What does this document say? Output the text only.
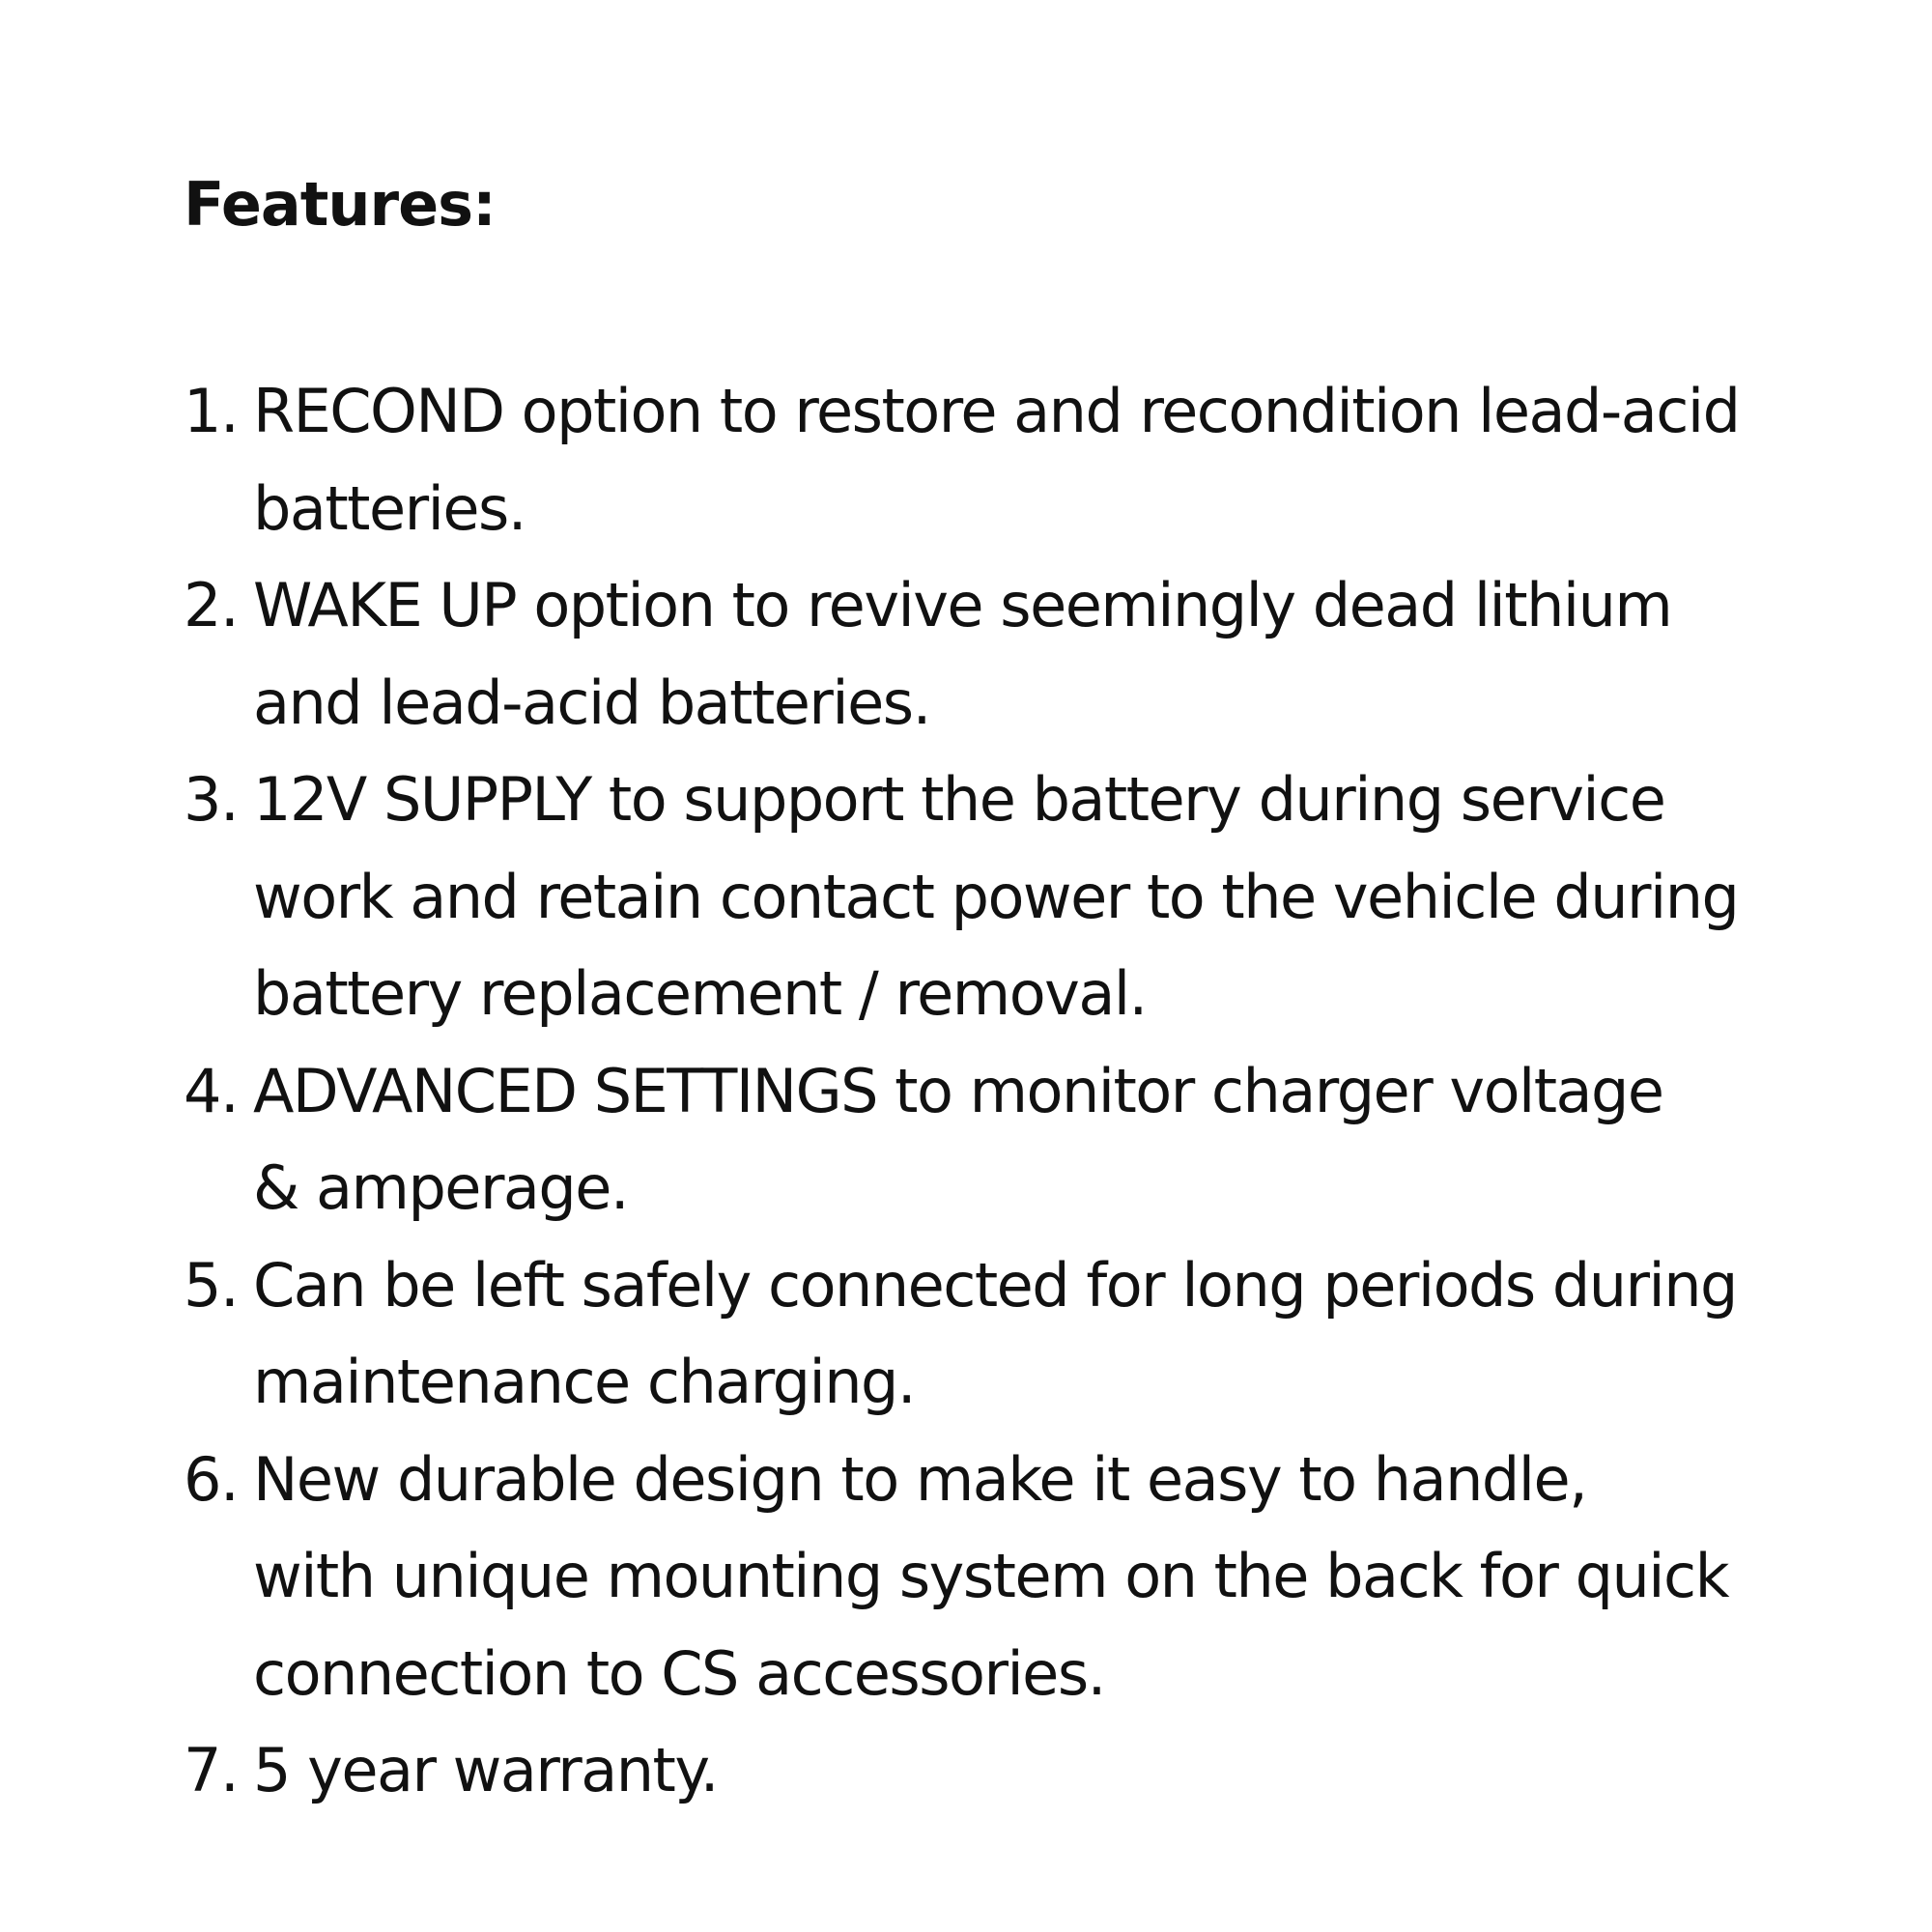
Features:
1. RECOND option to restore and recondition lead-acid
batteries.
2. WAKE UP option to revive seemingly dead lithium
and lead-acid batteries.
3. 12V SUPPLY to support the battery during service
work and retain contact power to the vehicle during
battery replacement / removal.
4. ADVANCED SETTINGS to monitor charger voltage
& amperage.
5. Can be left safely connected for long periods during
maintenance charging.
6. New durable design to make it easy to handle,
with unique mounting system on the back for quick
connection to CS accessories.
7. 5 year warranty.
